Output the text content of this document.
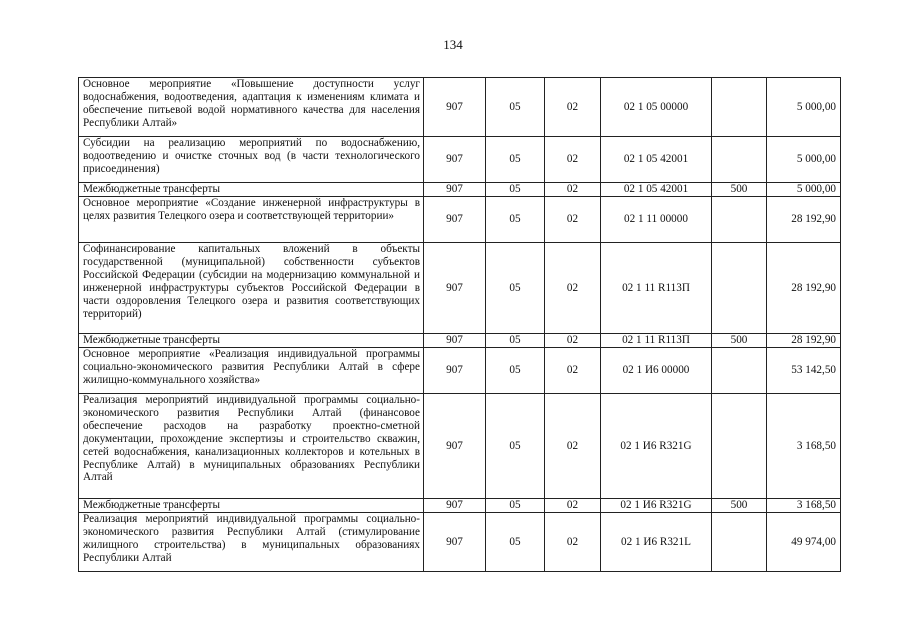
134
Основное мероприятие «Повышение доступности услуг водоснабжения, водоотведения, адаптация к изменениям климата и обеспечение питьевой водой нормативного качества для населения Республики Алтай»	907	05	02	02 1 05 00000		5 000,00
Субсидии на реализацию мероприятий по водоснабжению, водоотведению и очистке сточных вод (в части технологического присоединения)	907	05	02	02 1 05 42001		5 000,00
Межбюджетные трансферты	907	05	02	02 1 05 42001	500	5 000,00
Основное мероприятие «Создание инженерной инфраструктуры в целях развития Телецкого озера и соответствующей территории»	907	05	02	02 1 11 00000		28 192,90
Софинансирование капитальных вложений в объекты государственной (муниципальной) собственности субъектов Российской Федерации (субсидии на модернизацию коммунальной и инженерной инфраструктуры субъектов Российской Федерации в части оздоровления Телецкого озера и развития соответствующих территорий)	907	05	02	02 1 11 R113П		28 192,90
Межбюджетные трансферты	907	05	02	02 1 11 R113П	500	28 192,90
Основное мероприятие «Реализация индивидуальной программы социально-экономического развития Республики Алтай в сфере жилищно-коммунального хозяйства»	907	05	02	02 1 И6 00000		53 142,50
Реализация мероприятий индивидуальной программы социально-экономического развития Республики Алтай (финансовое обеспечение расходов на разработку проектно-сметной документации, прохождение экспертизы и строительство скважин, сетей водоснабжения, канализационных коллекторов и котельных в Республике Алтай) в муниципальных образованиях Республики Алтай	907	05	02	02 1 И6 R321G		3 168,50
Межбюджетные трансферты	907	05	02	02 1 И6 R321G	500	3 168,50
Реализация мероприятий индивидуальной программы социально-экономического развития Республики Алтай (стимулирование жилищного строительства) в муниципальных образованиях Республики Алтай	907	05	02	02 1 И6 R321L		49 974,00
